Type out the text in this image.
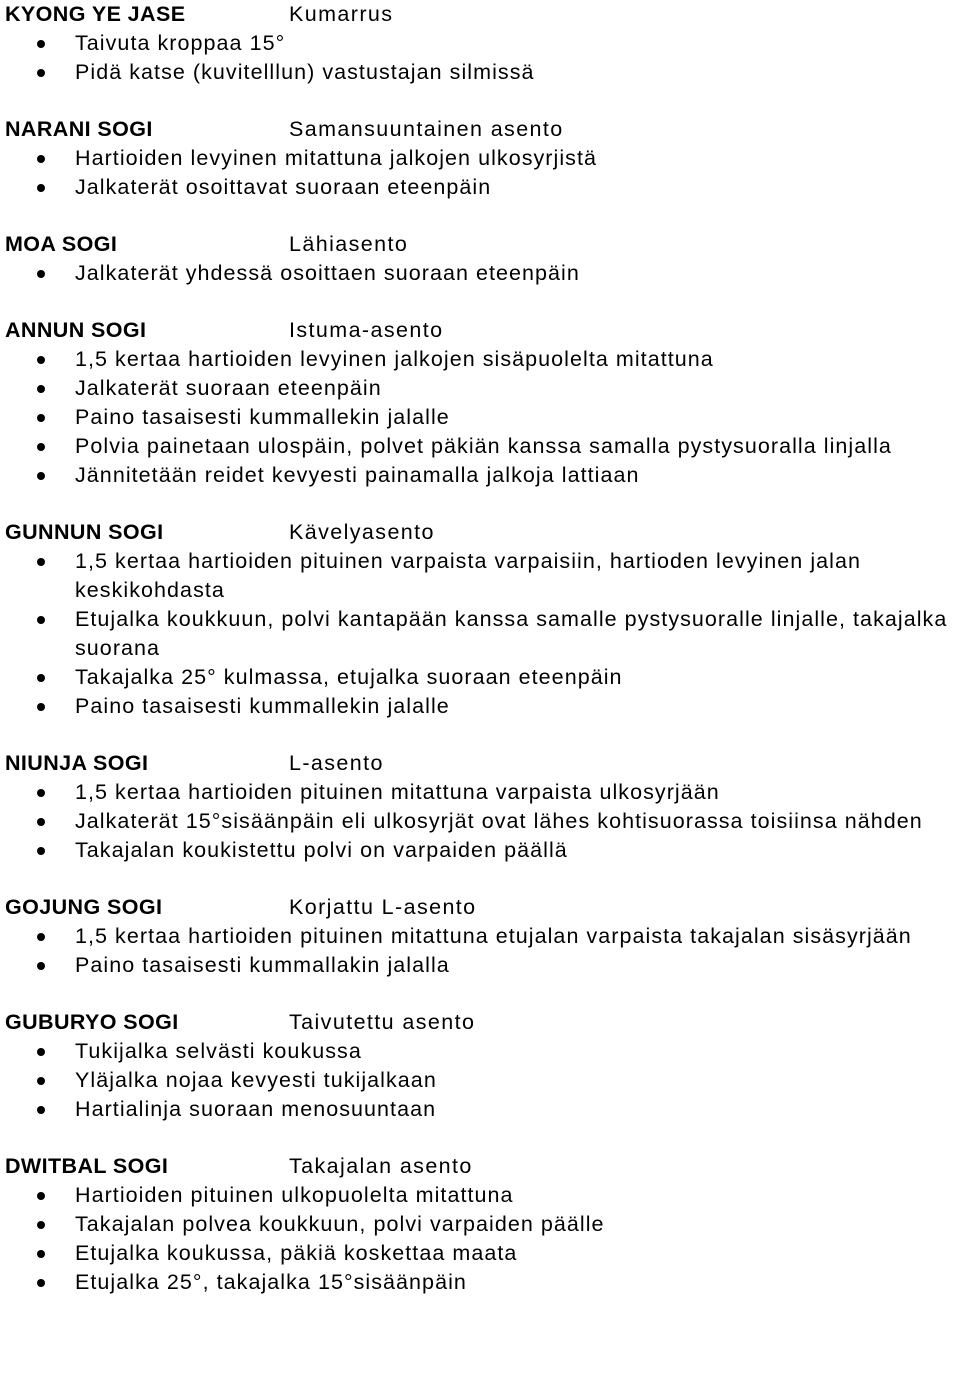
KYONG YE JASE	Kumarrus
Taivuta kroppaa 15°
Pidä katse (kuvitelllun) vastustajan silmissä
NARANI SOGI	Samansuuntainen asento
Hartioiden levyinen mitattuna jalkojen ulkosyrjistä
Jalkaterät osoittavat suoraan eteenpäin
MOA SOGI	Lähiasento
Jalkaterät yhdessä osoittaen suoraan eteenpäin
ANNUN SOGI	Istuma-asento
1,5 kertaa hartioiden levyinen jalkojen sisäpuolelta mitattuna
Jalkaterät suoraan eteenpäin
Paino tasaisesti kummallekin jalalle
Polvia painetaan ulospäin, polvet päkiän kanssa samalla pystysuoralla linjalla
Jännitetään reidet kevyesti painamalla jalkoja lattiaan
GUNNUN SOGI	Kävelyasento
1,5 kertaa hartioiden pituinen varpaista varpaisiin, hartioden levyinen jalan keskikohdasta
Etujalka koukkuun, polvi kantapään kanssa samalle pystysuoralle linjalle, takajalka suorana
Takajalka 25° kulmassa, etujalka suoraan eteenpäin
Paino tasaisesti kummallekin jalalle
NIUNJA SOGI	L-asento
1,5 kertaa hartioiden pituinen mitattuna varpaista ulkosyrjään
Jalkaterät 15°sisäänpäin eli ulkosyrjät ovat lähes kohtisuorassa toisiinsa nähden
Takajalan koukistettu polvi on varpaiden päällä
GOJUNG SOGI	Korjattu L-asento
1,5 kertaa hartioiden pituinen mitattuna etujalan varpaista takajalan sisäsyrjään
Paino tasaisesti kummallakin jalalla
GUBURYO SOGI	Taivutettu asento
Tukijalka selvästi koukussa
Yläjalka nojaa kevyesti tukijalkaan
Hartialinja suoraan menosuuntaan
DWITBAL SOGI	Takajalan asento
Hartioiden pituinen ulkopuolelta mitattuna
Takajalan polvea koukkuun, polvi varpaiden päälle
Etujalka koukussa, päkiä koskettaa maata
Etujalka 25°, takajalka 15°sisäänpäin
